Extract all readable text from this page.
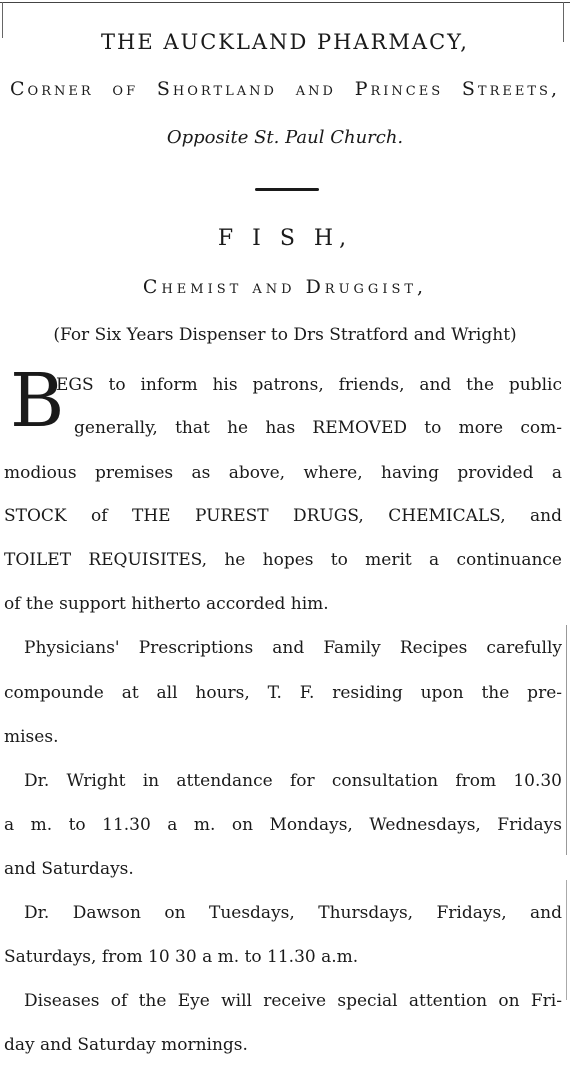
THE AUCKLAND PHARMACY,
Corner of Shortland and Princes Streets,
Opposite St. Paul Church.
F I S H,
Chemist and Druggist,
(For Six Years Dispenser to Drs Stratford and Wright)
B
EGS to inform his patrons, friends, and the public
generally, that he has REMOVED to more com-
modious premises as above, where, having provided a
STOCK of THE PUREST DRUGS, CHEMICALS, and
TOILET REQUISITES, he hopes to merit a continuance
of the support hitherto accorded him.
Physicians' Prescriptions and Family Recipes carefully
compounde at all hours, T. F. residing upon the pre-
mises.
Dr. Wright in attendance for consultation from 10.30
a m. to 11.30 a m. on Mondays, Wednesdays, Fridays
and Saturdays.
Dr. Dawson on Tuesdays, Thursdays, Fridays, and
Saturdays, from 10 30 a m. to 11.30 a.m.
Diseases of the Eye will receive special attention on Fri-
day and Saturday mornings.
